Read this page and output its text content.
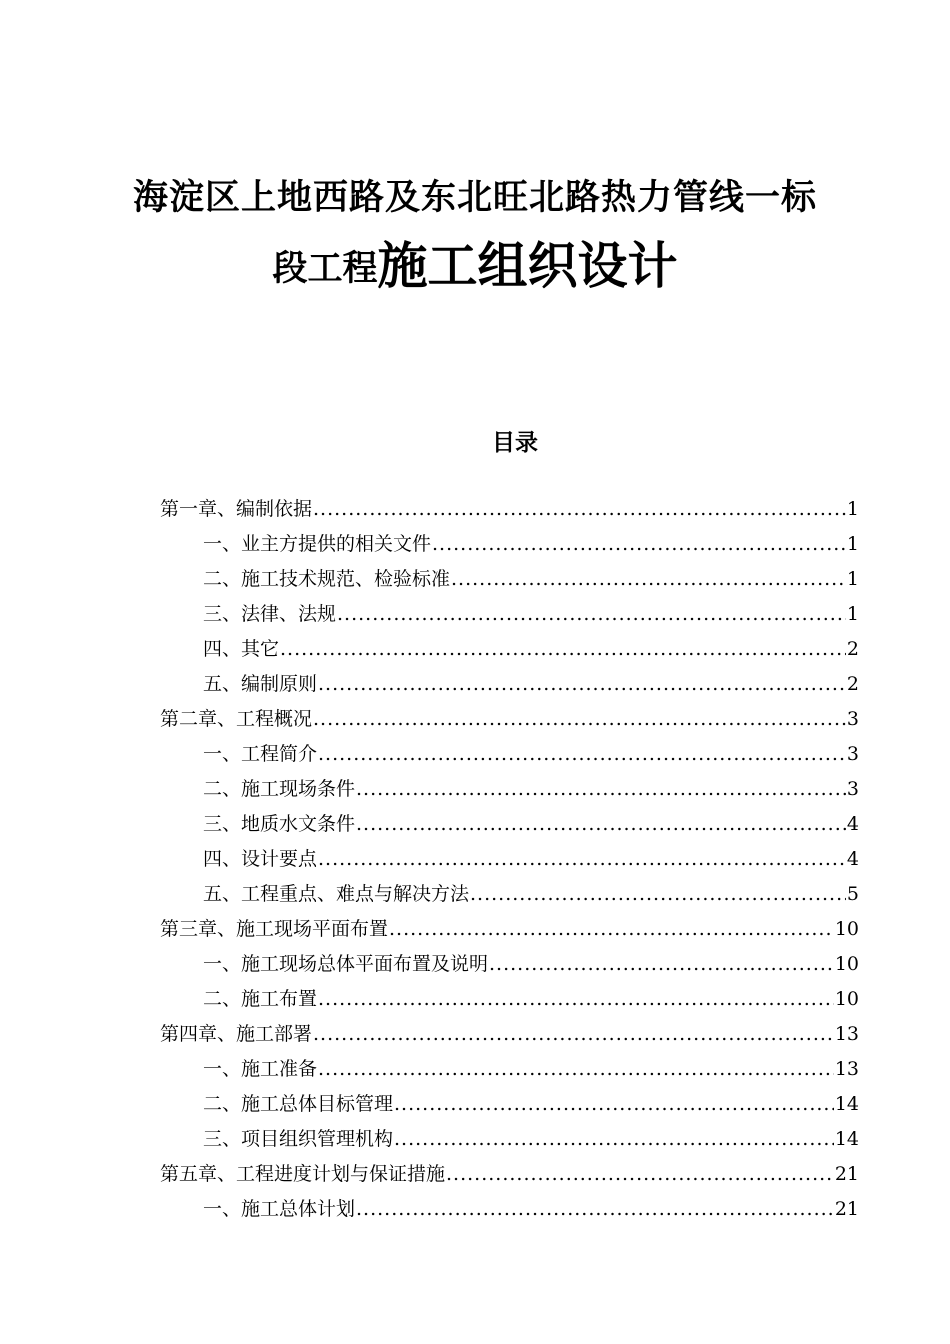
海淀区上地西路及东北旺北路热力管线一标
段工程施工组织设计
目录
第一章、编制依据 .....	1
一、业主方提供的相关文件 .....	1
二、施工技术规范、检验标准 .....	1
三、法律、法规 .....	1
四、其它 .....	2
五、编制原则 .....	2
第二章、工程概况 .....	3
一、工程简介 .....	3
二、施工现场条件 .....	3
三、地质水文条件 .....	4
四、设计要点 .....	4
五、工程重点、难点与解决方法 .....	5
第三章、施工现场平面布置 .....	10
一、施工现场总体平面布置及说明 .....	10
二、施工布置 .....	10
第四章、施工部署 .....	13
一、施工准备 .....	13
二、施工总体目标管理 .....	14
三、项目组织管理机构 .....	14
第五章、工程进度计划与保证措施 .....	21
一、施工总体计划 .....	21
